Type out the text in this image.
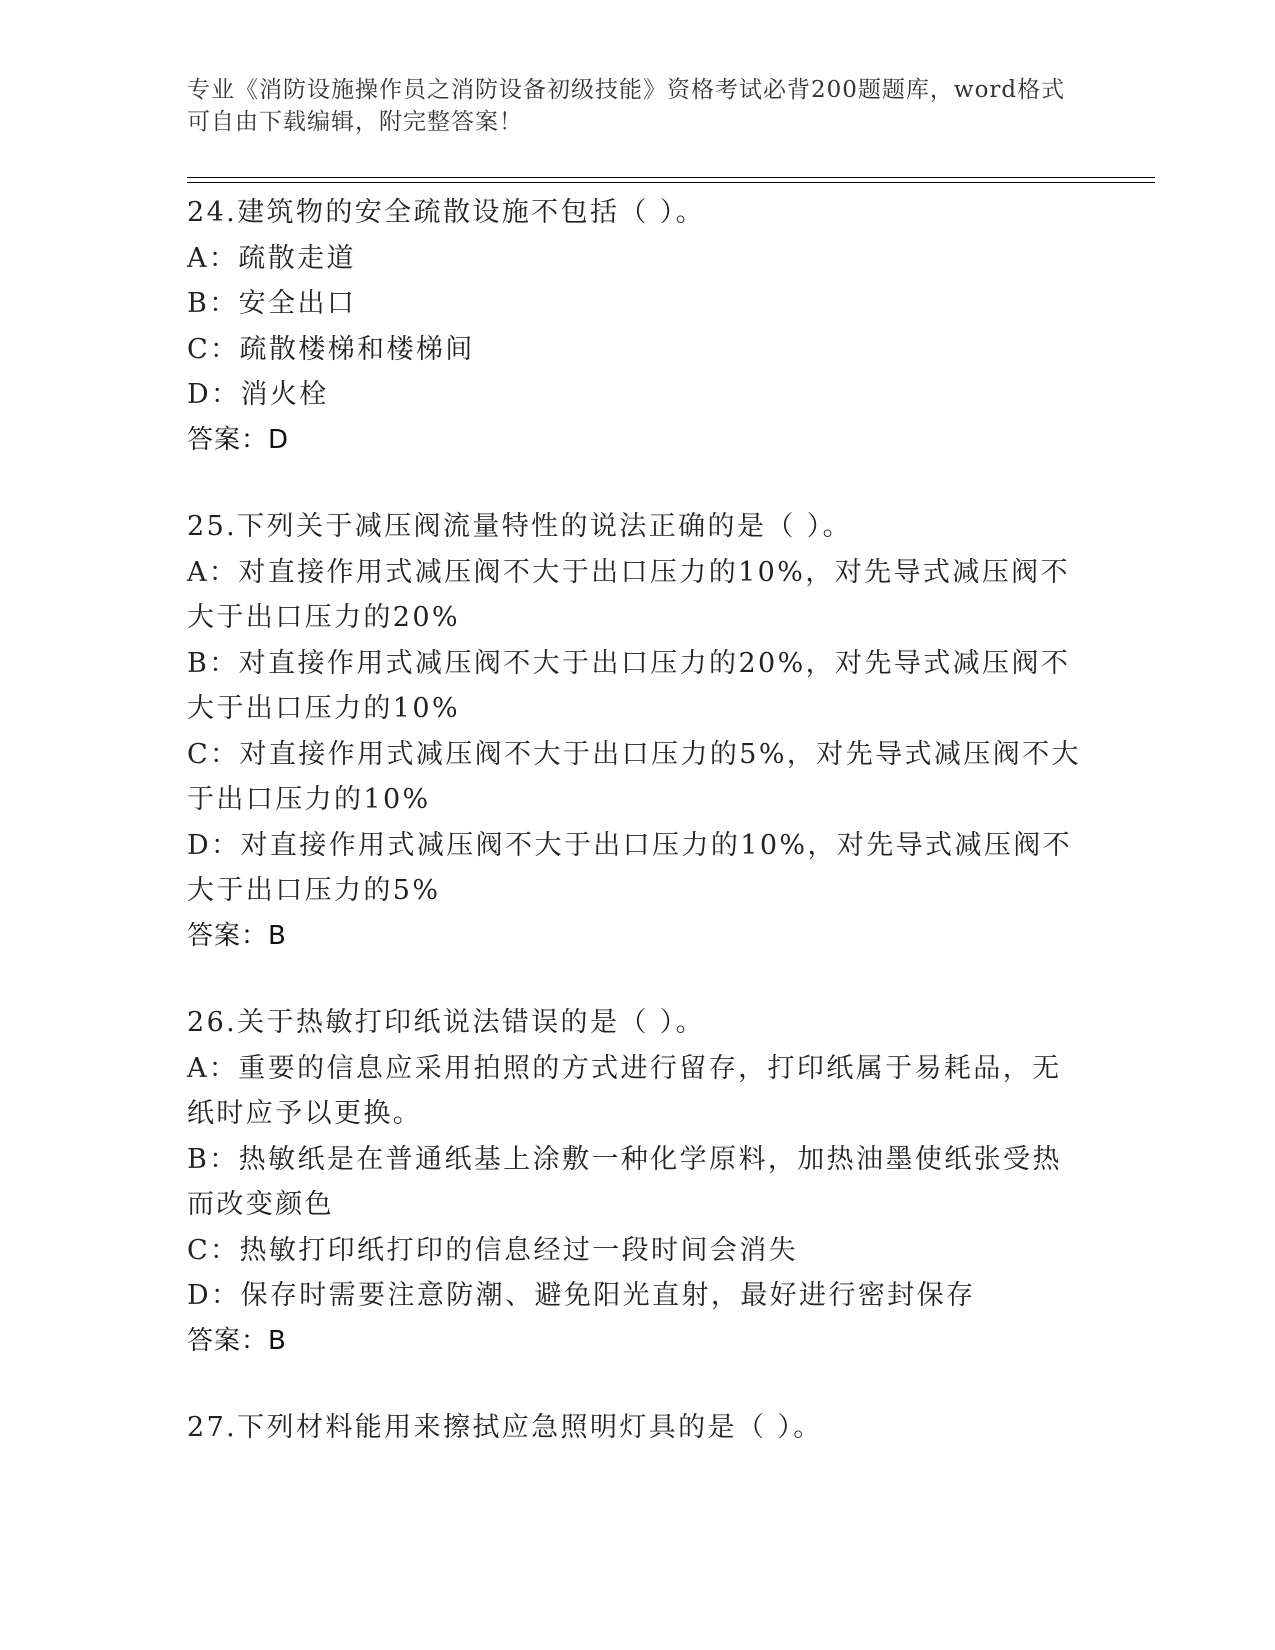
专业《消防设施操作员之消防设备初级技能》资格考试必背200题题库，word格式可自由下载编辑，附完整答案！
24.建筑物的安全疏散设施不包括（ ）。
A：疏散走道
B：安全出口
C：疏散楼梯和楼梯间
D：消火栓
答案：D
25.下列关于减压阀流量特性的说法正确的是（ ）。
A：对直接作用式减压阀不大于出口压力的10%，对先导式减压阀不大于出口压力的20%
B：对直接作用式减压阀不大于出口压力的20%，对先导式减压阀不大于出口压力的10%
C：对直接作用式减压阀不大于出口压力的5%，对先导式减压阀不大于出口压力的10%
D：对直接作用式减压阀不大于出口压力的10%，对先导式减压阀不大于出口压力的5%
答案：B
26.关于热敏打印纸说法错误的是（ ）。
A：重要的信息应采用拍照的方式进行留存，打印纸属于易耗品，无纸时应予以更换。
B：热敏纸是在普通纸基上涂敷一种化学原料，加热油墨使纸张受热而改变颜色
C：热敏打印纸打印的信息经过一段时间会消失
D：保存时需要注意防潮、避免阳光直射，最好进行密封保存
答案：B
27.下列材料能用来擦拭应急照明灯具的是（ ）。
